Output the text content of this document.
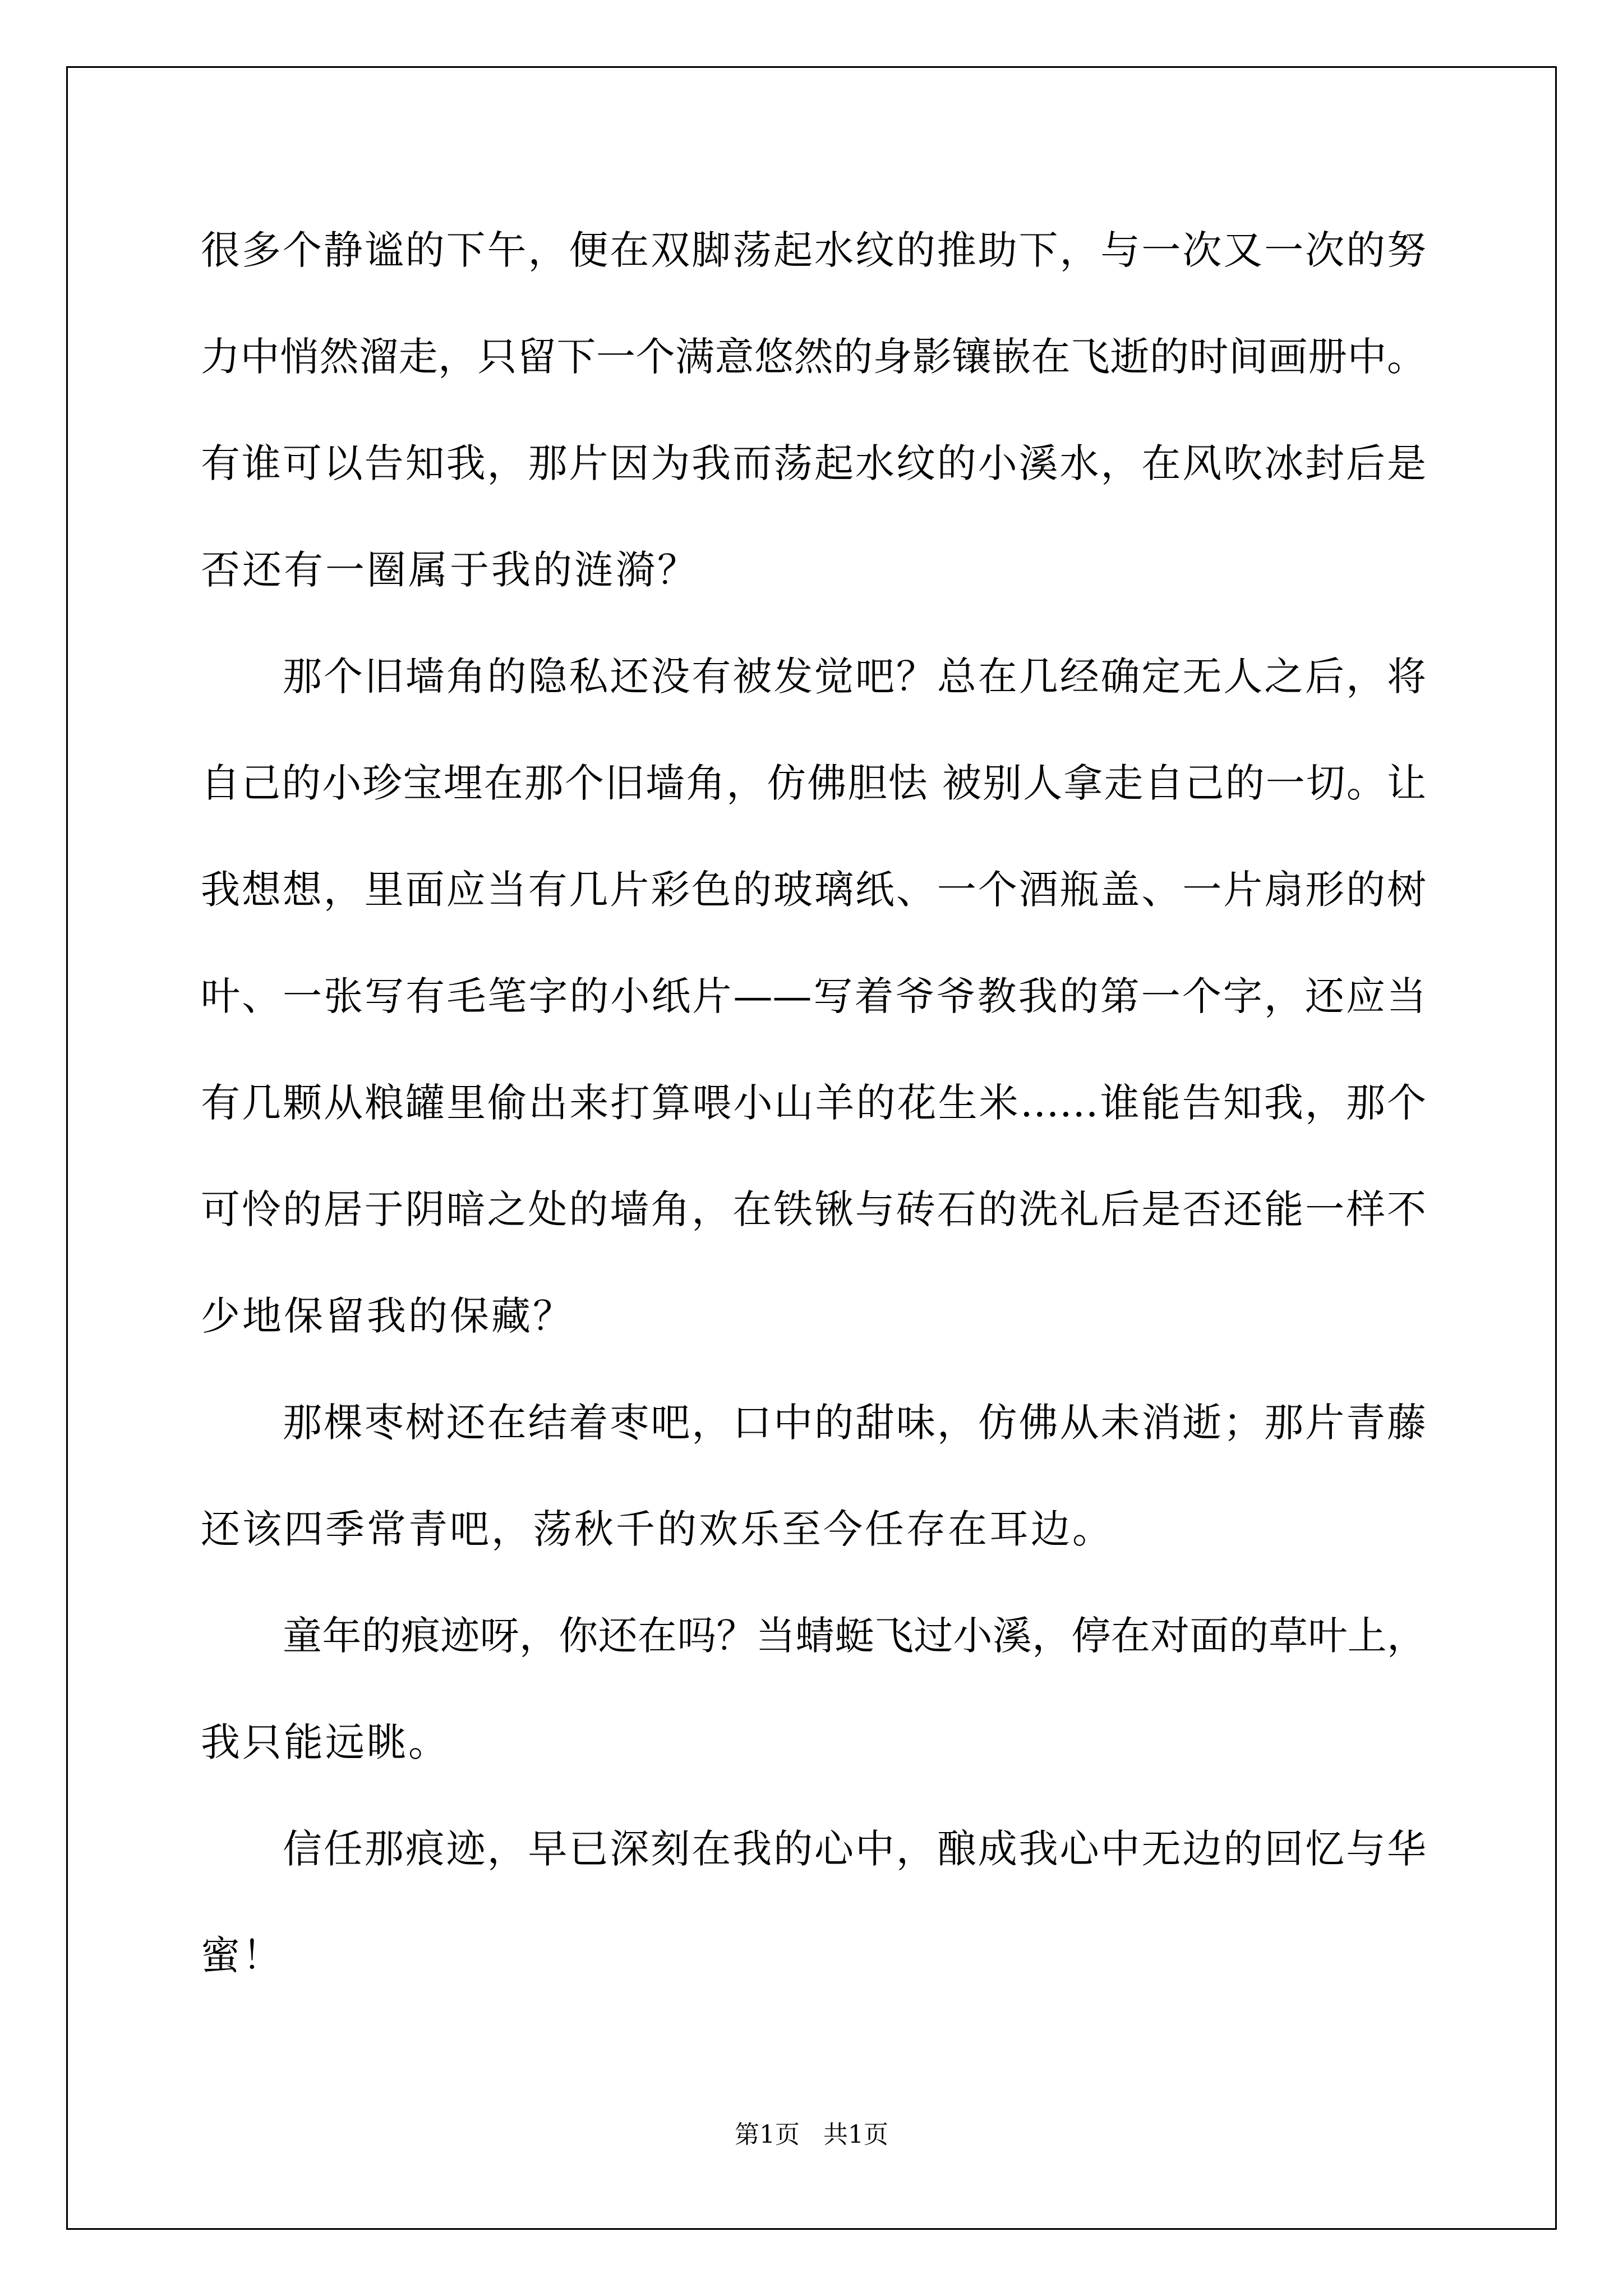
很多个静谧的下午，便在双脚荡起水纹的推助下，与一次又一次的努

力中悄然溜走，只留下一个满意悠然的身影镶嵌在飞逝的时间画册中。

有谁可以告知我，那片因为我而荡起水纹的小溪水，在风吹冰封后是

否还有一圈属于我的涟漪？

那个旧墙角的隐私还没有被发觉吧？总在几经确定无人之后，将

自己的小珍宝埋在那个旧墙角，仿佛胆怯 被别人拿走自己的一切。让

我想想，里面应当有几片彩色的玻璃纸、一个酒瓶盖、一片扇形的树

叶、一张写有毛笔字的小纸片——写着爷爷教我的第一个字，还应当

有几颗从粮罐里偷出来打算喂小山羊的花生米……谁能告知我，那个

可怜的居于阴暗之处的墙角，在铁锹与砖石的洗礼后是否还能一样不

少地保留我的保藏？

那棵枣树还在结着枣吧，口中的甜味，仿佛从未消逝；那片青藤

还该四季常青吧，荡秋千的欢乐至今任存在耳边。

童年的痕迹呀，你还在吗？当蜻蜓飞过小溪，停在对面的草叶上，

我只能远眺。

信任那痕迹，早已深刻在我的心中，酿成我心中无边的回忆与华

蜜！

第1页   共1页
